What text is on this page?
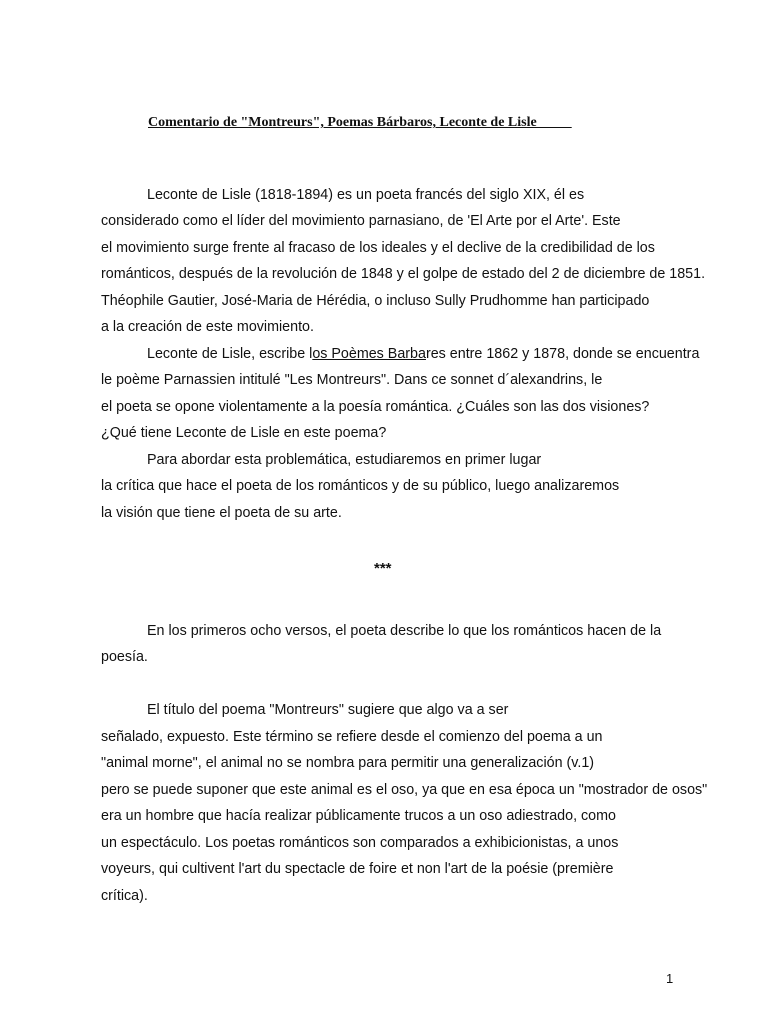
Comentario de "Montreurs", Poemas Bárbaros, Leconte de Lisle
Leconte de Lisle (1818-1894) es un poeta francés del siglo XIX, él es
considerado como el líder del movimiento parnasiano, de 'El Arte por el Arte'. Este
el movimiento surge frente al fracaso de los ideales y el declive de la credibilidad de los
románticos, después de la revolución de 1848 y el golpe de estado del 2 de diciembre de 1851.
Théophile Gautier, José-Maria de Hérédia, o incluso Sully Prudhomme han participado
a la creación de este movimiento.
Leconte de Lisle, escribe los Poèmes Barbares entre 1862 y 1878, donde se encuentra
le poème Parnassien intitulé "Les Montreurs". Dans ce sonnet d´alexandrins, le
el poeta se opone violentamente a la poesía romántica. ¿Cuáles son las dos visiones?
¿Qué tiene Leconte de Lisle en este poema?
Para abordar esta problemática, estudiaremos en primer lugar
la crítica que hace el poeta de los románticos y de su público, luego analizaremos
la visión que tiene el poeta de su arte.
***
En los primeros ocho versos, el poeta describe lo que los románticos hacen de la
poesía.
El título del poema "Montreurs" sugiere que algo va a ser
señalado, expuesto. Este término se refiere desde el comienzo del poema a un
"animal morne", el animal no se nombra para permitir una generalización (v.1)
pero se puede suponer que este animal es el oso, ya que en esa época un "mostrador de osos"
era un hombre que hacía realizar públicamente trucos a un oso adiestrado, como
un espectáculo. Los poetas románticos son comparados a exhibicionistas, a unos
voyeurs, qui cultivent l'art du spectacle de foire et non l'art de la poésie (première
crítica).
1
